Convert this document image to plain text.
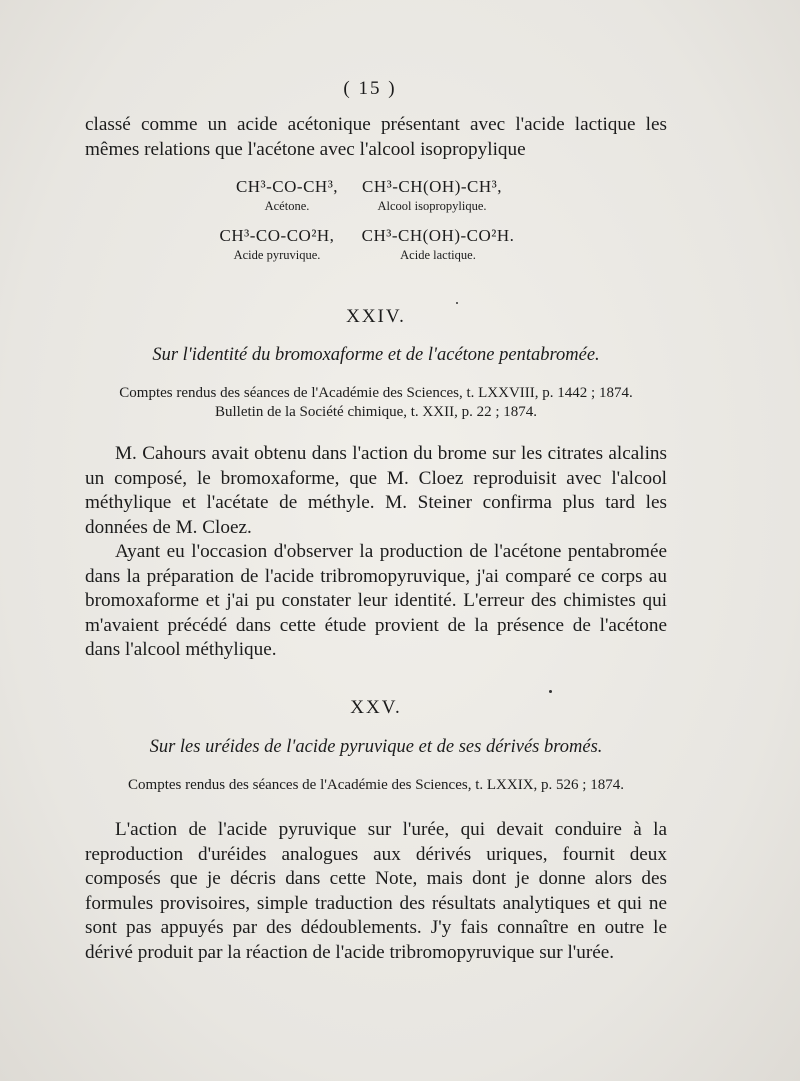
( 15 )
classé comme un acide acétonique présentant avec l'acide lactique les mêmes relations que l'acétone avec l'alcool isopropylique
CH³-CO-CH³,
Acétone.
CH³-CH(OH)-CH³,
Alcool isopropylique.
CH³-CO-CO²H,
Acide pyruvique.
CH³-CH(OH)-CO²H.
Acide lactique.
XXIV.
Sur l'identité du bromoxaforme et de l'acétone pentabromée.
Comptes rendus des séances de l'Académie des Sciences, t. LXXVIII, p. 1442 ; 1874.
Bulletin de la Société chimique, t. XXII, p. 22 ; 1874.
M. Cahours avait obtenu dans l'action du brome sur les citrates alcalins un composé, le bromoxaforme, que M. Cloez reproduisit avec l'alcool méthylique et l'acétate de méthyle. M. Steiner confirma plus tard les données de M. Cloez.
Ayant eu l'occasion d'observer la production de l'acétone pentabromée dans la préparation de l'acide tribromopyruvique, j'ai comparé ce corps au bromoxaforme et j'ai pu constater leur identité. L'erreur des chimistes qui m'avaient précédé dans cette étude provient de la présence de l'acétone dans l'alcool méthylique.
XXV.
Sur les uréides de l'acide pyruvique et de ses dérivés bromés.
Comptes rendus des séances de l'Académie des Sciences, t. LXXIX, p. 526 ; 1874.
L'action de l'acide pyruvique sur l'urée, qui devait conduire à la reproduction d'uréides analogues aux dérivés uriques, fournit deux composés que je décris dans cette Note, mais dont je donne alors des formules provisoires, simple traduction des résultats analytiques et qui ne sont pas appuyés par des dédoublements. J'y fais connaître en outre le dérivé produit par la réaction de l'acide tribromopyruvique sur l'urée.
